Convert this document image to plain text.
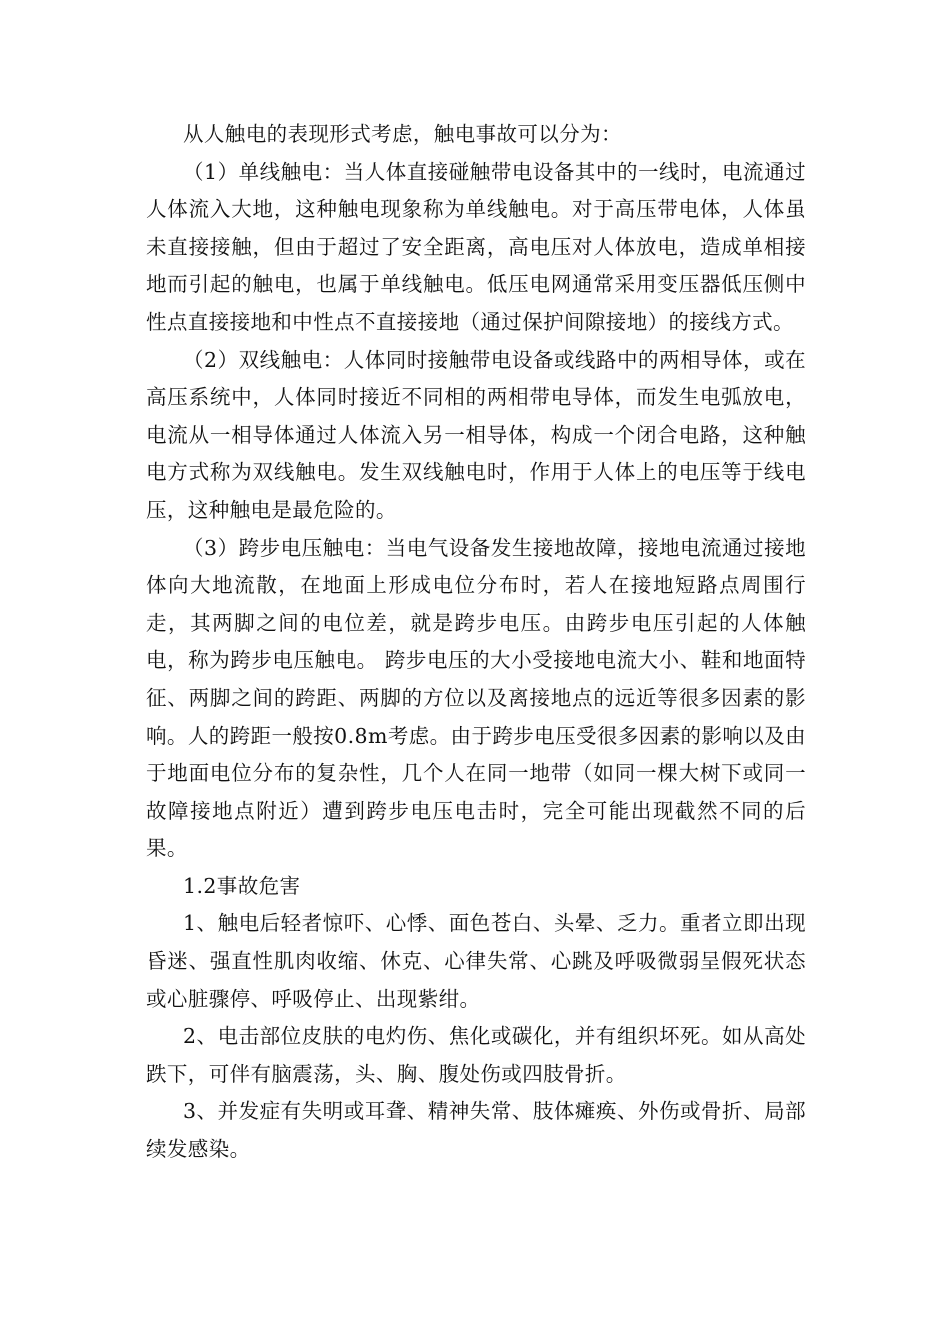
从人触电的表现形式考虑，触电事故可以分为：

（1）单线触电：当人体直接碰触带电设备其中的一线时，电流通过人体流入大地，这种触电现象称为单线触电。对于高压带电体，人体虽未直接接触，但由于超过了安全距离，高电压对人体放电，造成单相接地而引起的触电，也属于单线触电。低压电网通常采用变压器低压侧中性点直接接地和中性点不直接接地（通过保护间隙接地）的接线方式。

（2）双线触电：人体同时接触带电设备或线路中的两相导体，或在高压系统中，人体同时接近不同相的两相带电导体，而发生电弧放电，电流从一相导体通过人体流入另一相导体，构成一个闭合电路，这种触电方式称为双线触电。发生双线触电时，作用于人体上的电压等于线电压，这种触电是最危险的。

（3）跨步电压触电：当电气设备发生接地故障，接地电流通过接地体向大地流散，在地面上形成电位分布时，若人在接地短路点周围行走，其两脚之间的电位差，就是跨步电压。由跨步电压引起的人体触电，称为跨步电压触电。 跨步电压的大小受接地电流大小、鞋和地面特征、两脚之间的跨距、两脚的方位以及离接地点的远近等很多因素的影响。人的跨距一般按0.8m考虑。由于跨步电压受很多因素的影响以及由于地面电位分布的复杂性，几个人在同一地带（如同一棵大树下或同一故障接地点附近）遭到跨步电压电击时，完全可能出现截然不同的后果。

1.2事故危害

1、触电后轻者惊吓、心悸、面色苍白、头晕、乏力。重者立即出现昏迷、强直性肌肉收缩、休克、心律失常、心跳及呼吸微弱呈假死状态或心脏骤停、呼吸停止、出现紫绀。

2、电击部位皮肤的电灼伤、焦化或碳化，并有组织坏死。如从高处跌下，可伴有脑震荡，头、胸、腹处伤或四肢骨折。

3、并发症有失明或耳聋、精神失常、肢体瘫痪、外伤或骨折、局部续发感染。
